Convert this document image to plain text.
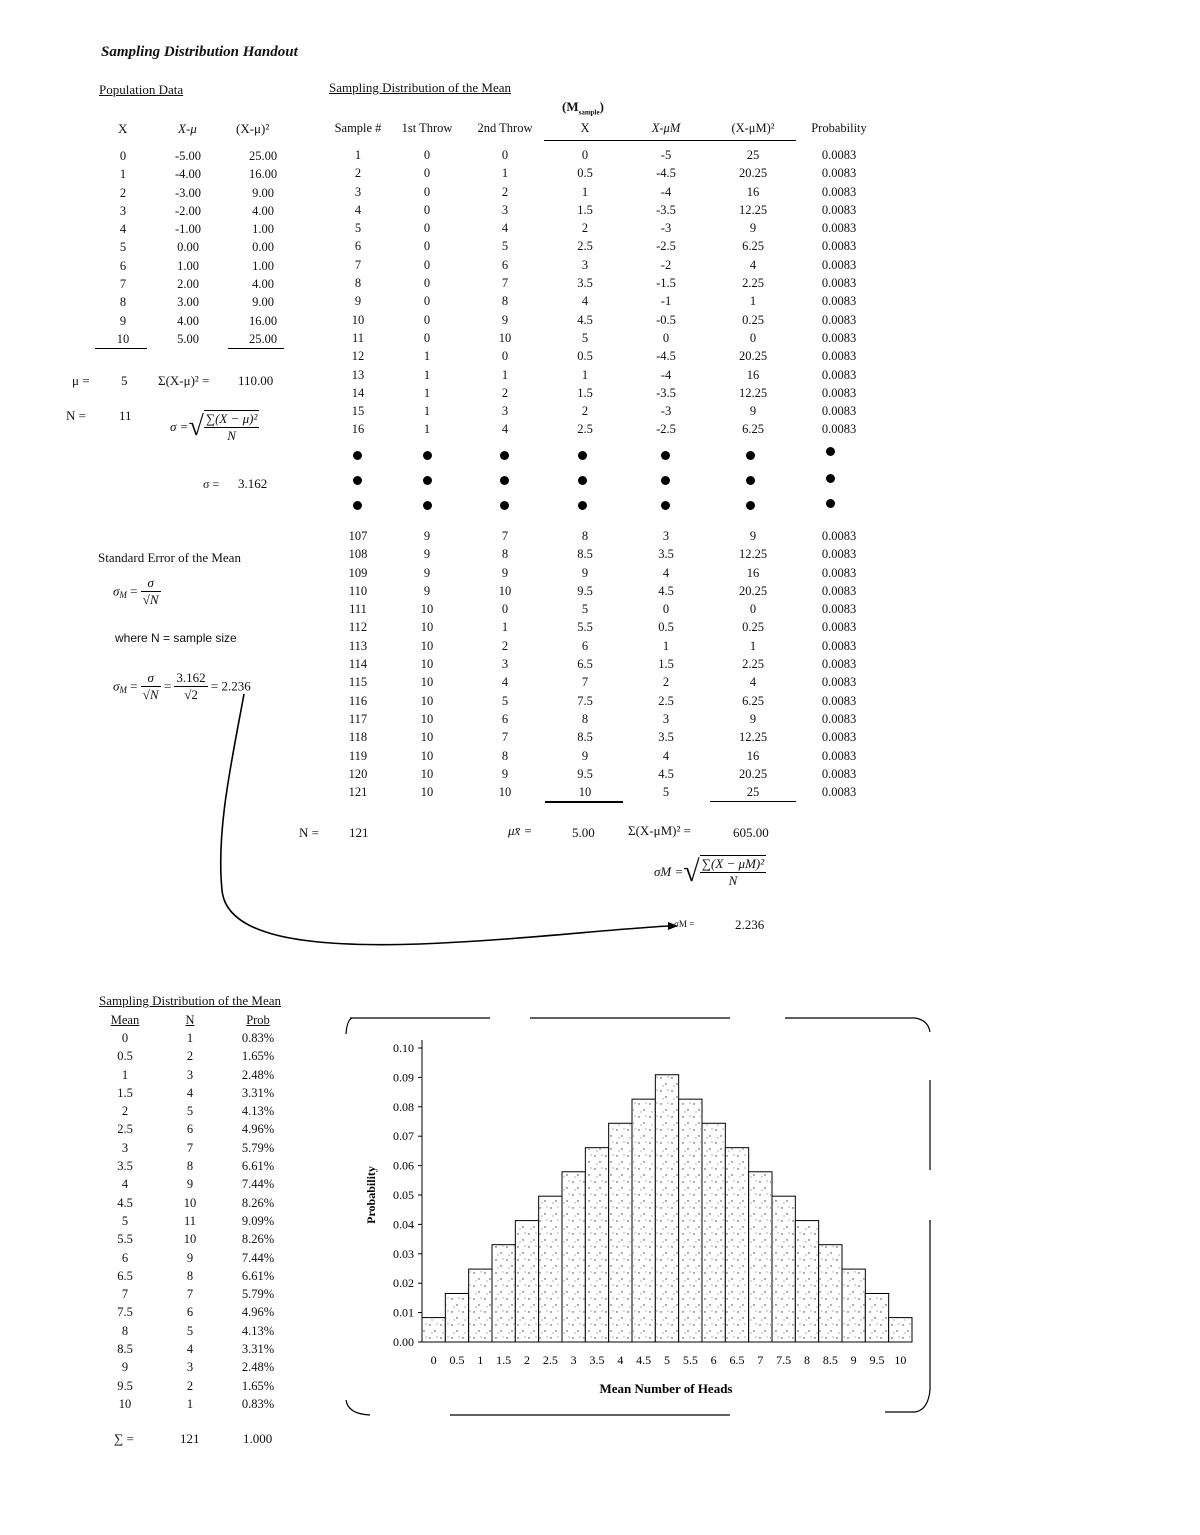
Sampling Distribution Handout
Population Data
X	X-μ	(X-μ)²
0	-5.00	25.00
1	-4.00	16.00
2	-3.00	9.00
3	-2.00	4.00
4	-1.00	1.00
5	0.00	0.00
6	1.00	1.00
7	2.00	4.00
8	3.00	9.00
9	4.00	16.00
10	5.00	25.00
μ = 5 Σ(X-μ)² = 110.00
N =	11
σ =√ $\frac{\text{∑(X − μ)²}}{N}$
σ = 3.162
Standard Error of the Mean
$\sigma_M = \frac{\sigma}{√N}$
where N = sample size
$\sigma_M = \frac{\sigma}{√N} = \frac{3.162}{√2} = 2.236$
Sampling Distribution of the Mean
$(M_{sample})$
Sample #	1st Throw	2nd Throw	X	X-μM	(X-μM)²	Probability
1	0	0	0	-5	25	0.0083
2	0	1	0.5	-4.5	20.25	0.0083
3	0	2	1	-4	16	0.0083
4	0	3	1.5	-3.5	12.25	0.0083
5	0	4	2	-3	9	0.0083
6	0	5	2.5	-2.5	6.25	0.0083
7	0	6	3	-2	4	0.0083
8	0	7	3.5	-1.5	2.25	0.0083
9	0	8	4	-1	1	0.0083
10	0	9	4.5	-0.5	0.25	0.0083
11	0	10	5	0	0	0.0083
12	1	0	0.5	-4.5	20.25	0.0083
13	1	1	1	-4	16	0.0083
14	1	2	1.5	-3.5	12.25	0.0083
15	1	3	2	-3	9	0.0083
16	1	4	2.5	-2.5	6.25	0.0083
107	9	7	8	3	9	0.0083
108	9	8	8.5	3.5	12.25	0.0083
109	9	9	9	4	16	0.0083
110	9	10	9.5	4.5	20.25	0.0083
111	10	0	5	0	0	0.0083
112	10	1	5.5	0.5	0.25	0.0083
113	10	2	6	1	1	0.0083
114	10	3	6.5	1.5	2.25	0.0083
115	10	4	7	2	4	0.0083
116	10	5	7.5	2.5	6.25	0.0083
117	10	6	8	3	9	0.0083
118	10	7	8.5	3.5	12.25	0.0083
119	10	8	9	4	16	0.0083
120	10	9	9.5	4.5	20.25	0.0083
121	10	10	10	5	25	0.0083
N = 121	μx̄ =	5.00	Σ(X-μM)² =	605.00
σM =√ $\frac{\text{∑(X − μM)²}}{N}$
σM =	2.236
Sampling Distribution of the Mean
Mean	N	Prob
0	1	0.83%
0.5	2	1.65%
1	3	2.48%
1.5	4	3.31%
2	5	4.13%
2.5	6	4.96%
3	7	5.79%
3.5	8	6.61%
4	9	7.44%
4.5	10	8.26%
5	11	9.09%
5.5	10	8.26%
6	9	7.44%
6.5	8	6.61%
7	7	5.79%
7.5	6	4.96%
8	5	4.13%
8.5	4	3.31%
9	3	2.48%
9.5	2	1.65%
10	1	0.83%
∑ =	121	1.000
0.00
0.01
0.02
0.03
0.04
0.05
0.06
0.07
0.08
0.09
0.10
0 0.5 1 1.5 2 2.5 3 3.5 4 4.5 5 5.5 6 6.5 7 7.5 8 8.5 9 9.5 10
Probability
Mean Number of Heads
